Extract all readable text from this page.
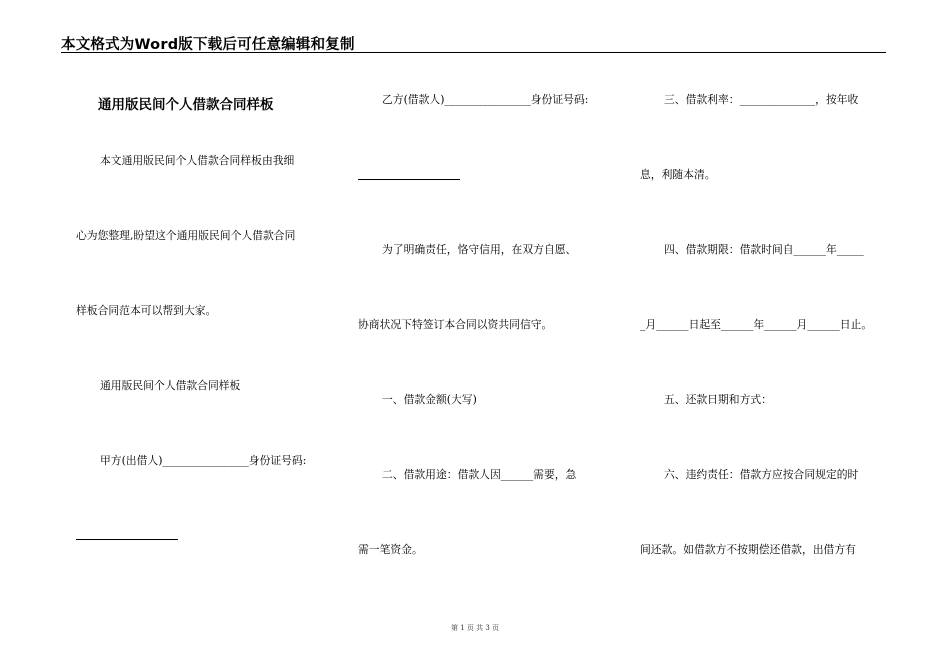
本文格式为Word版下载后可任意编辑和复制
通用版民间个人借款合同样板
本文通用版民间个人借款合同样板由我细
心为您整理,盼望这个通用版民间个人借款合同
样板合同范本可以帮到大家。
通用版民间个人借款合同样板
甲方(出借人)________________身份证号码:
乙方(借款人)________________身份证号码:
为了明确责任，恪守信用，在双方自愿、
协商状况下特签订本合同以资共同信守。
一、借款金额(大写)
二、借款用途：借款人因______需要，急
需一笔资金。
三、借款利率：______________，按年收
息，利随本清。
四、借款期限：借款时间自______年_____
_月______日起至______年______月______日止。
五、还款日期和方式：
六、违约责任：借款方应按合同规定的时
间还款。如借款方不按期偿还借款，出借方有
第 1 页 共 3 页
